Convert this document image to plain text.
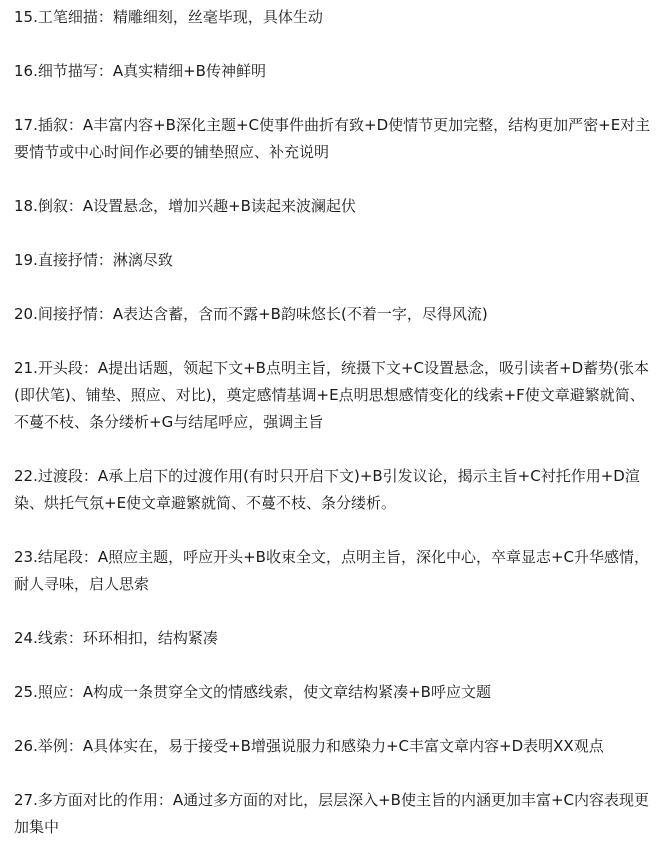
15.工笔细描：精雕细刻，丝毫毕现，具体生动

16.细节描写：A真实精细+B传神鲜明

17.插叙：A丰富内容+B深化主题+C使事件曲折有致+D使情节更加完整，结构更加严密+E对主要情节或中心时间作必要的铺垫照应、补充说明

18.倒叙：A设置悬念，增加兴趣+B读起来波澜起伏

19.直接抒情：淋漓尽致

20.间接抒情：A表达含蓄，含而不露+B韵味悠长(不着一字，尽得风流)

21.开头段：A提出话题，领起下文+B点明主旨，统摄下文+C设置悬念，吸引读者+D蓄势(张本(即伏笔)、铺垫、照应、对比)，奠定感情基调+E点明思想感情变化的线索+F使文章避繁就简、不蔓不枝、条分缕析+G与结尾呼应，强调主旨

22.过渡段：A承上启下的过渡作用(有时只开启下文)+B引发议论，揭示主旨+C衬托作用+D渲染、烘托气氛+E使文章避繁就简、不蔓不枝、条分缕析。

23.结尾段：A照应主题，呼应开头+B收束全文，点明主旨，深化中心，卒章显志+C升华感情，耐人寻味，启人思索

24.线索：环环相扣，结构紧凑

25.照应：A构成一条贯穿全文的情感线索，使文章结构紧凑+B呼应文题

26.举例：A具体实在，易于接受+B增强说服力和感染力+C丰富文章内容+D表明XX观点

27.多方面对比的作用：A通过多方面的对比，层层深入+B使主旨的内涵更加丰富+C内容表现更加集中
